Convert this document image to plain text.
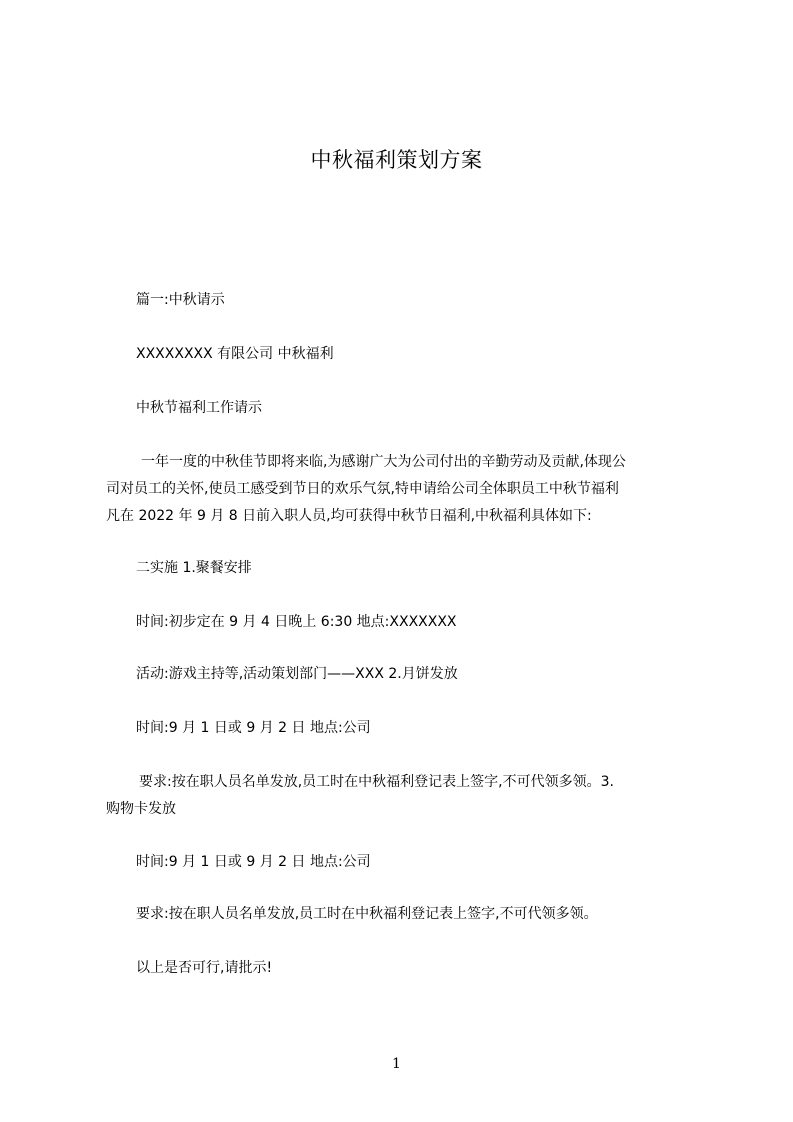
中秋福利策划方案
篇一:中秋请示
XXXXXXXX 有限公司 中秋福利
中秋节福利工作请示
一年一度的中秋佳节即将来临,为感谢广大为公司付出的辛勤劳动及贡献,体现公
司对员工的关怀,使员工感受到节日的欢乐气氛,特申请给公司全体职员工中秋节福利
凡在 2022 年 9 月 8 日前入职人员,均可获得中秋节日福利,中秋福利具体如下:
二实施 1.聚餐安排
时间:初步定在 9 月 4 日晚上 6:30 地点:XXXXXXX
活动:游戏主持等,活动策划部门——XXX 2.月饼发放
时间:9 月 1 日或 9 月 2 日 地点:公司
要求:按在职人员名单发放,员工时在中秋福利登记表上签字,不可代领多领。3.
购物卡发放
时间:9 月 1 日或 9 月 2 日 地点:公司
要求:按在职人员名单发放,员工时在中秋福利登记表上签字,不可代领多领。
以上是否可行,请批示!
1
